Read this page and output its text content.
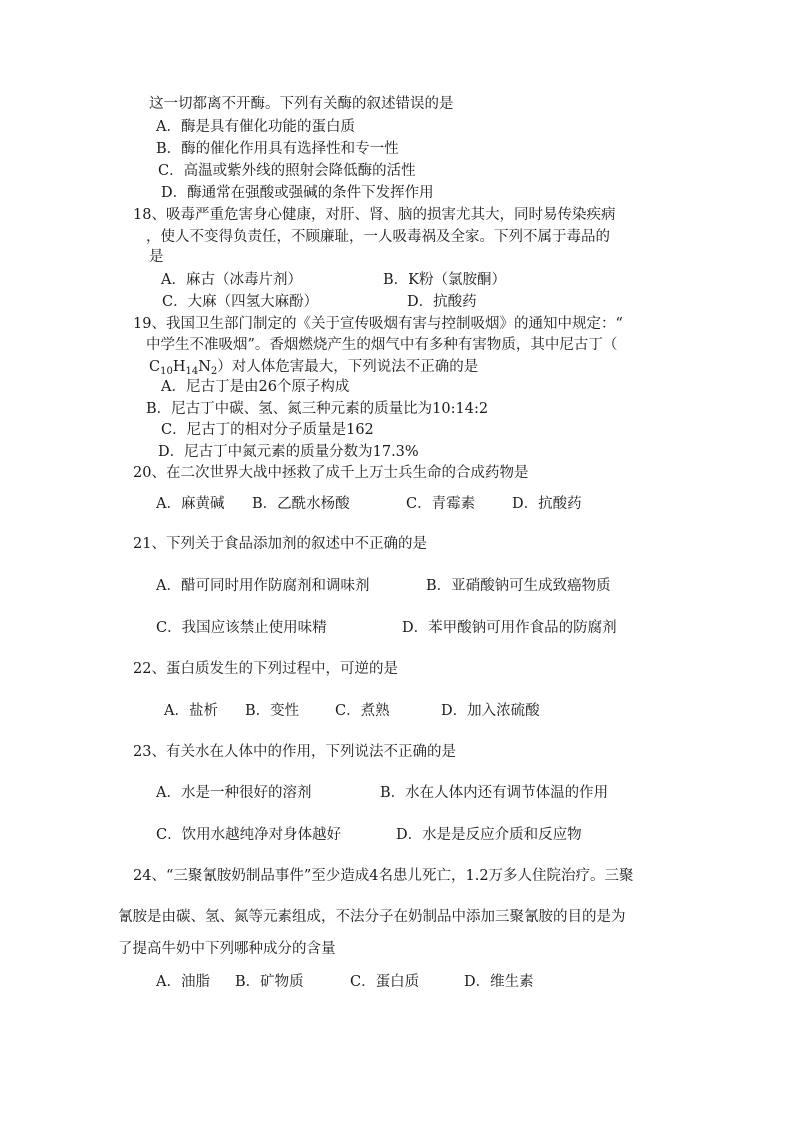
这一切都离不开酶。下列有关酶的叙述错误的是
A．酶是具有催化功能的蛋白质
B．酶的催化作用具有选择性和专一性
C．高温或紫外线的照射会降低酶的活性
D．酶通常在强酸或强碱的条件下发挥作用
18、吸毒严重危害身心健康，对肝、肾、脑的损害尤其大，同时易传染疾病
，使人不变得负责任，不顾廉耻，一人吸毒祸及全家。下列不属于毒品的
是
A．麻古（冰毒片剂）	B．K粉（氯胺酮）
C．大麻（四氢大麻酚）	D．抗酸药
19、我国卫生部门制定的《关于宣传吸烟有害与控制吸烟》的通知中规定：“
中学生不准吸烟”。香烟燃烧产生的烟气中有多种有害物质，其中尼古丁（
$C_{10}H_{14}N_2$）对人体危害最大，下列说法不正确的是
A．尼古丁是由26个原子构成
B．尼古丁中碳、氢、氮三种元素的质量比为10:14:2
C．尼古丁的相对分子质量是162
D．尼古丁中氮元素的质量分数为17.3%
20、在二次世界大战中拯救了成千上万士兵生命的合成药物是
A．麻黄碱 B．乙酰水杨酸	C．青霉素	D．抗酸药
21、下列关于食品添加剂的叙述中不正确的是
A．醋可同时用作防腐剂和调味剂	B．亚硝酸钠可生成致癌物质
C．我国应该禁止使用味精	D．苯甲酸钠可用作食品的防腐剂
22、蛋白质发生的下列过程中，可逆的是
A．盐析 B．变性 C．煮熟	D．加入浓硫酸
23、有关水在人体中的作用，下列说法不正确的是
A．水是一种很好的溶剂	B．水在人体内还有调节体温的作用
C．饮用水越纯净对身体越好	D．水是是反应介质和反应物
24、“三聚氰胺奶制品事件”至少造成4名患儿死亡，1.2万多人住院治疗。三聚
氰胺是由碳、氢、氮等元素组成，不法分子在奶制品中添加三聚氰胺的目的是为
了提高牛奶中下列哪种成分的含量
A．油脂 B．矿物质	C．蛋白质	D．维生素
